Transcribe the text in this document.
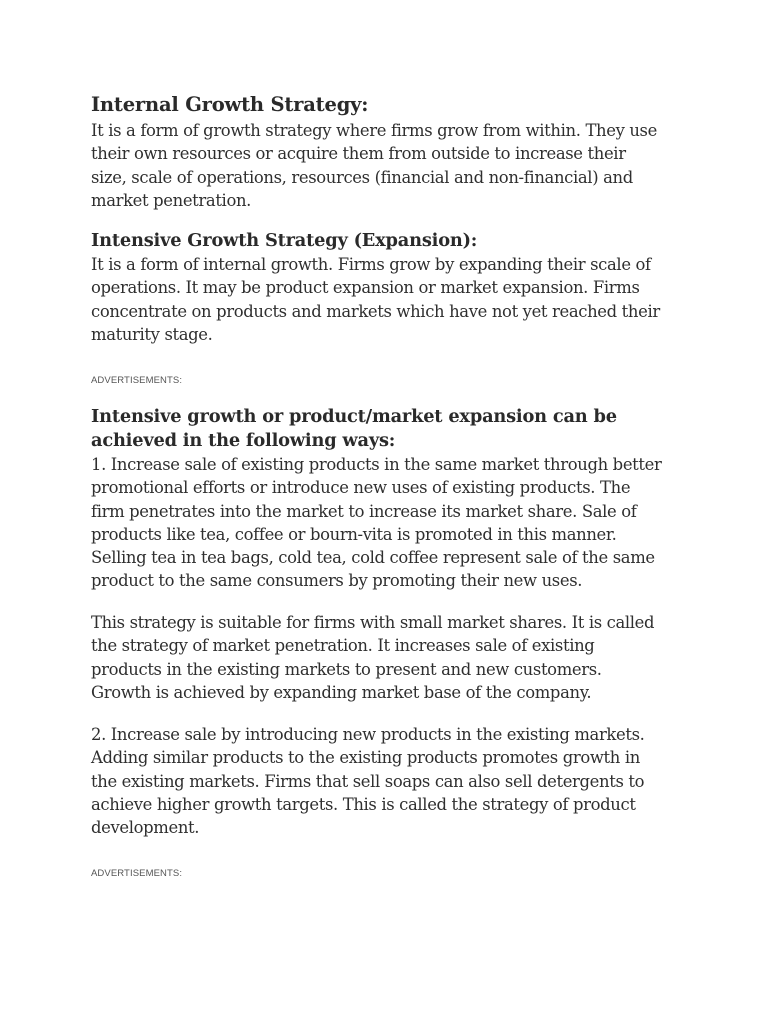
Internal Growth Strategy:

It is a form of growth strategy where firms grow from within. They use
their own resources or acquire them from outside to increase their
size, scale of operations, resources (financial and non-financial) and
market penetration.

Intensive Growth Strategy (Expansion):

It is a form of internal growth. Firms grow by expanding their scale of
operations. It may be product expansion or market expansion. Firms
concentrate on products and markets which have not yet reached their
maturity stage.

ADVERTISEMENTS:

Intensive growth or product/market expansion can be
achieved in the following ways:

1. Increase sale of existing products in the same market through better
promotional efforts or introduce new uses of existing products. The
firm penetrates into the market to increase its market share. Sale of
products like tea, coffee or bourn-vita is promoted in this manner.
Selling tea in tea bags, cold tea, cold coffee represent sale of the same
product to the same consumers by promoting their new uses.

This strategy is suitable for firms with small market shares. It is called
the strategy of market penetration. It increases sale of existing
products in the existing markets to present and new customers.
Growth is achieved by expanding market base of the company.

2. Increase sale by introducing new products in the existing markets.
Adding similar products to the existing products promotes growth in
the existing markets. Firms that sell soaps can also sell detergents to
achieve higher growth targets. This is called the strategy of product
development.

ADVERTISEMENTS:
